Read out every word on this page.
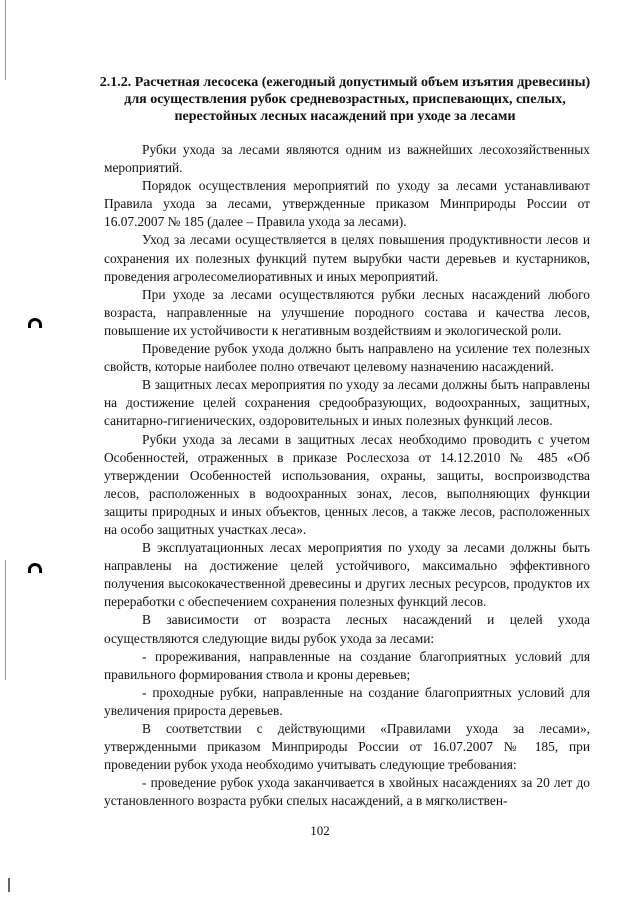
2.1.2. Расчетная лесосека (ежегодный допустимый объем изъятия древесины) для осуществления рубок средневозрастных, приспевающих, спелых, перестойных лесных насаждений при уходе за лесами

Рубки ухода за лесами являются одним из важнейших лесохозяйственных мероприятий.

Порядок осуществления мероприятий по уходу за лесами устанавливают Правила ухода за лесами, утвержденные приказом Минприроды России от 16.07.2007 № 185 (далее – Правила ухода за лесами).

Уход за лесами осуществляется в целях повышения продуктивности лесов и сохранения их полезных функций путем вырубки части деревьев и кустарников, проведения агролесомелиоративных и иных мероприятий.

При уходе за лесами осуществляются рубки лесных насаждений любого возраста, направленные на улучшение породного состава и качества лесов, повышение их устойчивости к негативным воздействиям и экологической роли.

Проведение рубок ухода должно быть направлено на усиление тех полезных свойств, которые наиболее полно отвечают целевому назначению насаждений.

В защитных лесах мероприятия по уходу за лесами должны быть направлены на достижение целей сохранения средообразующих, водоохранных, защитных, санитарно-гигиенических, оздоровительных и иных полезных функций лесов.

Рубки ухода за лесами в защитных лесах необходимо проводить с учетом Особенностей, отраженных в приказе Рослесхоза от 14.12.2010 № 485 «Об утверждении Особенностей использования, охраны, защиты, воспроизводства лесов, расположенных в водоохранных зонах, лесов, выполняющих функции защиты природных и иных объектов, ценных лесов, а также лесов, расположенных на особо защитных участках леса».

В эксплуатационных лесах мероприятия по уходу за лесами должны быть направлены на достижение целей устойчивого, максимально эффективного получения высококачественной древесины и других лесных ресурсов, продуктов их переработки с обеспечением сохранения полезных функций лесов.

В зависимости от возраста лесных насаждений и целей ухода осуществляются следующие виды рубок ухода за лесами:

- прореживания, направленные на создание благоприятных условий для правильного формирования ствола и кроны деревьев;

- проходные рубки, направленные на создание благоприятных условий для увеличения прироста деревьев.

В соответствии с действующими «Правилами ухода за лесами», утвержденными приказом Минприроды России от 16.07.2007 № 185, при проведении рубок ухода необходимо учитывать следующие требования:

- проведение рубок ухода заканчивается в хвойных насаждениях за 20 лет до установленного возраста рубки спелых насаждений, а в мягколиствен-

102
